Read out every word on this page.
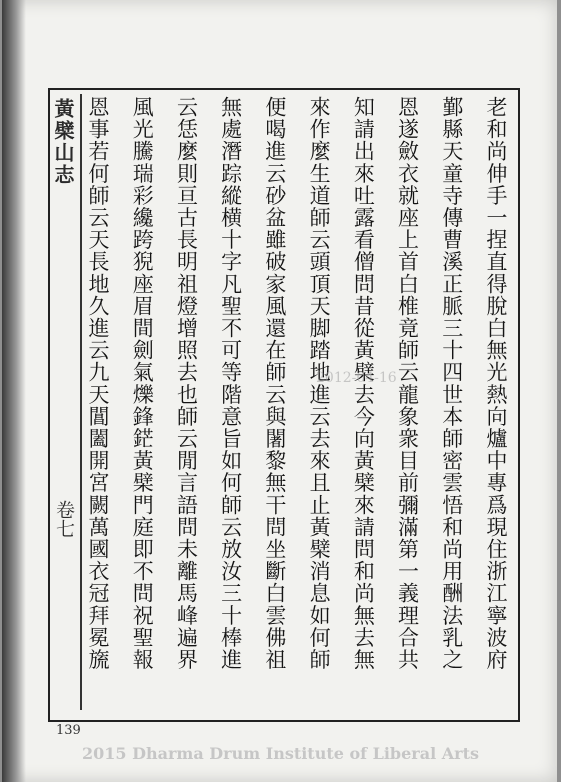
黃檗山志
卷七	老和尚伸手一捏直得脫白無光熱向爐中專爲現住浙江寧波府
鄞縣天童寺傳曹溪正脈三十四世本師密雲悟和尚用酬法乳之
恩遂斂衣就座上首白椎竟師云龍象衆目前彌滿第一義理合共
知請出來吐露看僧問昔從黃檗去今向黃檗來請問和尚無去無
來作麼生道師云頭頂天脚踏地進云去來且止黃檗消息如何師
便喝進云砂盆雖破家風還在師云與闍黎無干問坐斷白雲佛祖
無處潛踪縱横十字凡聖不可等階意旨如何師云放汝三十棒進
云恁麼則亘古長明祖燈增照去也師云閒言語問未離馬峰遍界
風光騰瑞彩纔跨猊座眉間劍氣爍鋒鋩黃檗門庭即不問祝聖報
恩事若何師云天長地久進云九天閶闔開宮闕萬國衣冠拜冕旒	2012-04-16
139
2015 Dharma Drum Institute of Liberal Arts
